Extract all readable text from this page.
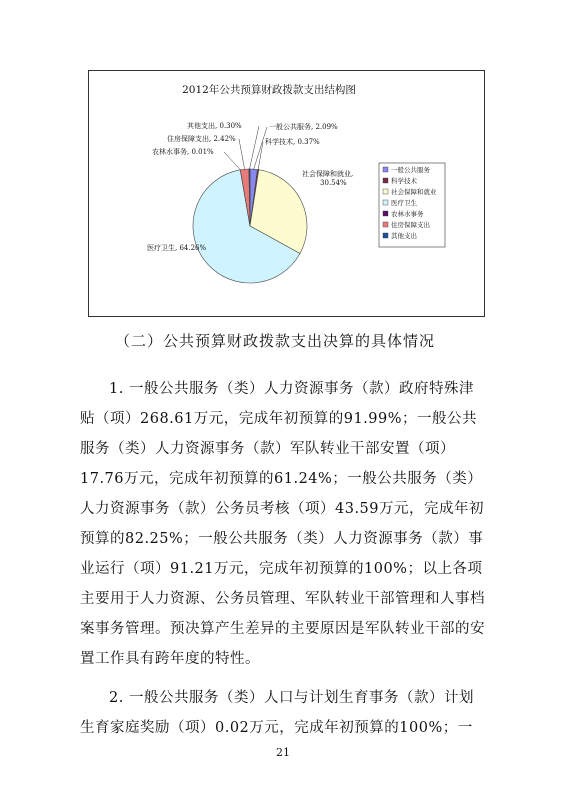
2012年公共预算财政拨款支出结构图
一般公共服务, 2.09%
科学技术, 0.37%
社会保障和就业, 30.54%
医疗卫生, 64.26%
农林水事务, 0.01%
住房保障支出, 2.42%
其他支出, 0.30%
一般公共服务
科学技术
社会保障和就业
医疗卫生
农林水事务
住房保障支出
其他支出
（二）公共预算财政拨款支出决算的具体情况
1. 一般公共服务（类）人力资源事务（款）政府特殊津贴（项）268.61万元，完成年初预算的91.99%；一般公共服务（类）人力资源事务（款）军队转业干部安置（项）17.76万元，完成年初预算的61.24%；一般公共服务（类）人力资源事务（款）公务员考核（项）43.59万元，完成年初预算的82.25%；一般公共服务（类）人力资源事务（款）事业运行（项）91.21万元，完成年初预算的100%；以上各项主要用于人力资源、公务员管理、军队转业干部管理和人事档案事务管理。预决算产生差异的主要原因是军队转业干部的安置工作具有跨年度的特性。
2. 一般公共服务（类）人口与计划生育事务（款）计划生育家庭奖励（项）0.02万元，完成年初预算的100%；一
21
